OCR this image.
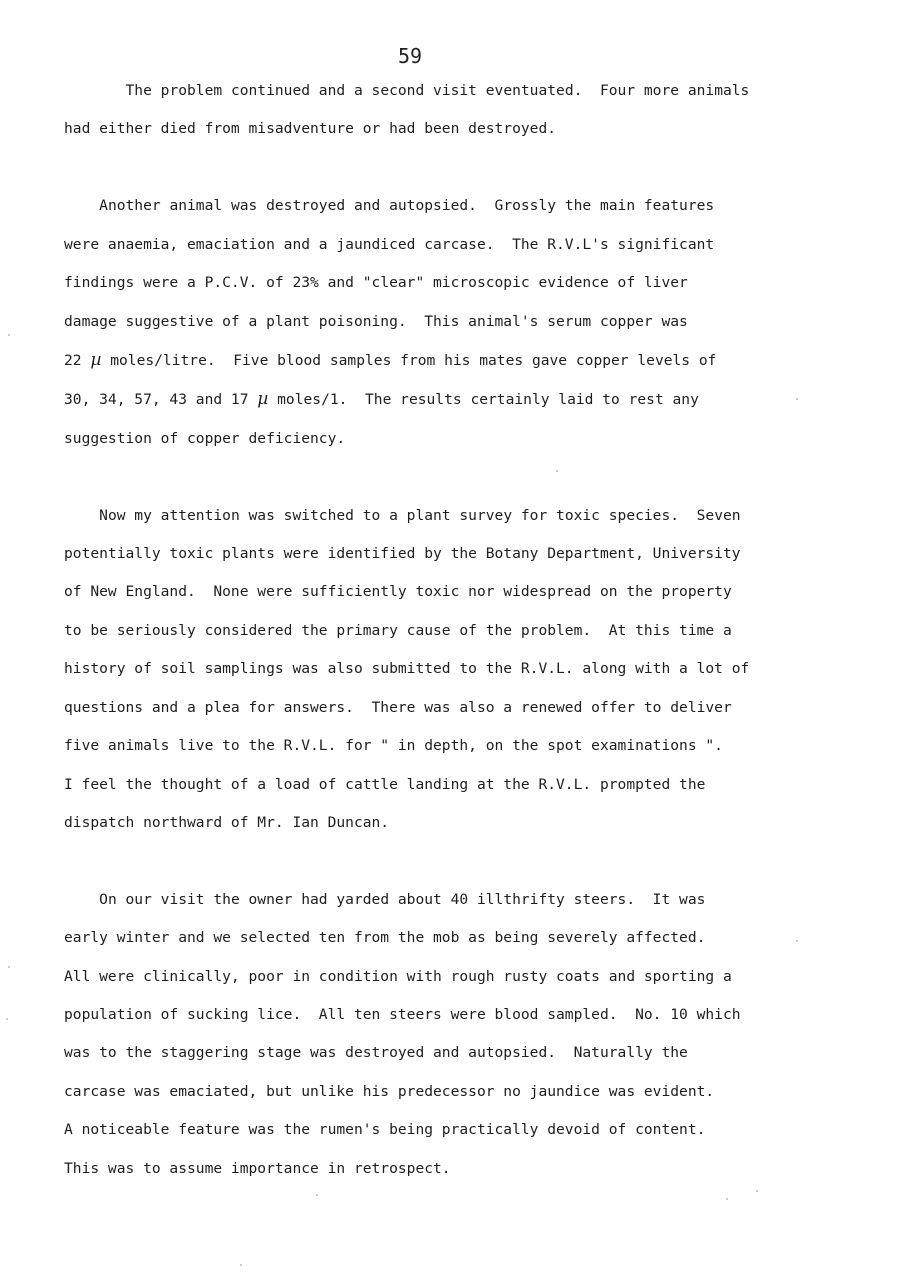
59
The problem continued and a second visit eventuated.  Four more animals
had either died from misadventure or had been destroyed.
Another animal was destroyed and autopsied.  Grossly the main features
were anaemia, emaciation and a jaundiced carcase.  The R.V.L's significant
findings were a P.C.V. of 23% and "clear" microscopic evidence of liver
damage suggestive of a plant poisoning.  This animal's serum copper was
22 µ moles/litre.  Five blood samples from his mates gave copper levels of
30, 34, 57, 43 and 17 µ moles/1.  The results certainly laid to rest any
suggestion of copper deficiency.
Now my attention was switched to a plant survey for toxic species.  Seven
potentially toxic plants were identified by the Botany Department, University
of New England.  None were sufficiently toxic nor widespread on the property
to be seriously considered the primary cause of the problem.  At this time a
history of soil samplings was also submitted to the R.V.L. along with a lot of
questions and a plea for answers.  There was also a renewed offer to deliver
five animals live to the R.V.L. for " in depth, on the spot examinations ".
I feel the thought of a load of cattle landing at the R.V.L. prompted the
dispatch northward of Mr. Ian Duncan.
On our visit the owner had yarded about 40 illthrifty steers.  It was
early winter and we selected ten from the mob as being severely affected.
All were clinically, poor in condition with rough rusty coats and sporting a
population of sucking lice.  All ten steers were blood sampled.  No. 10 which
was to the staggering stage was destroyed and autopsied.  Naturally the
carcase was emaciated, but unlike his predecessor no jaundice was evident.
A noticeable feature was the rumen's being practically devoid of content.
This was to assume importance in retrospect.
